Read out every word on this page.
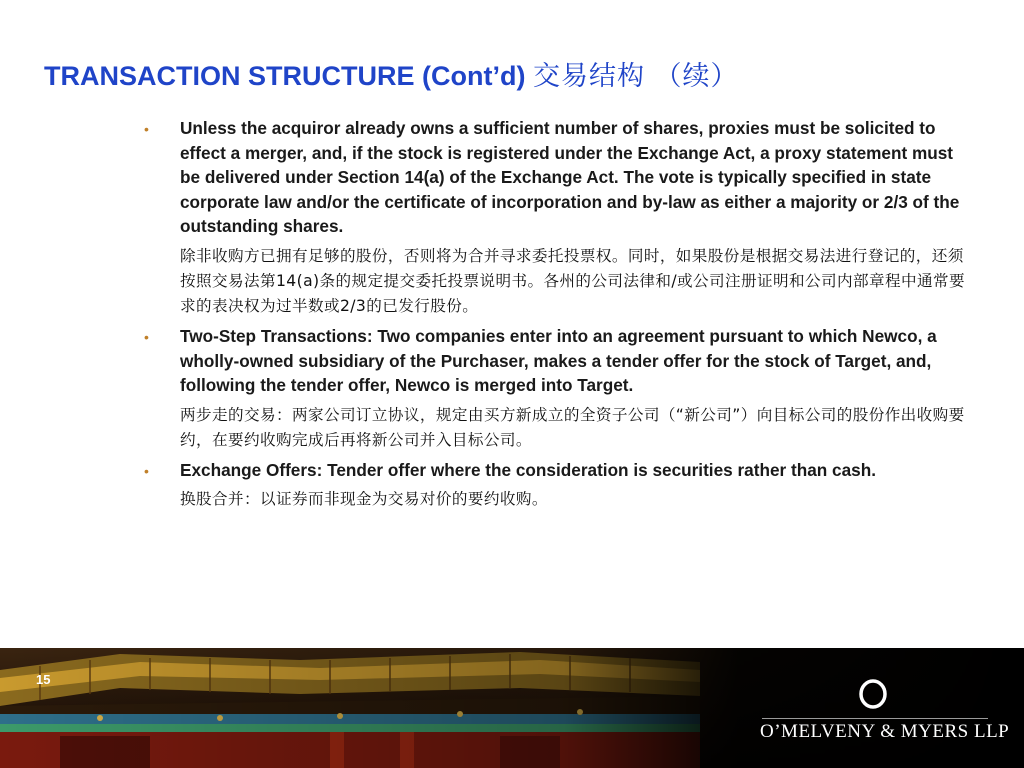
TRANSACTION STRUCTURE (Cont’d) 交易结构 （续）
• Unless the acquiror already owns a sufficient number of shares, proxies must be solicited to effect a merger, and, if the stock is registered under the Exchange Act, a proxy statement must be delivered under Section 14(a) of the Exchange Act. The vote is typically specified in state corporate law and/or the certificate of incorporation and by-law as either a majority or 2/3 of the outstanding shares.

除非收购方已拥有足够的股份，否则将为合并寻求委托投票权。同时，如果股份是根据交易法进行登记的，还须按照交易法第14(a)条的规定提交委托投票说明书。各州的公司法律和/或公司注册证明和公司内部章程中通常要求的表决权为过半数或2/3的已发行股份。

• Two-Step Transactions: Two companies enter into an agreement pursuant to which Newco, a wholly-owned subsidiary of the Purchaser, makes a tender offer for the stock of Target, and, following the tender offer, Newco is merged into Target.

两步走的交易：两家公司订立协议，规定由买方新成立的全资子公司（“新公司”）向目标公司的股份作出收购要约，在要约收购完成后再将新公司并入目标公司。

• Exchange Offers: Tender offer where the consideration is securities rather than cash.

换股合并：以证券而非现金为交易对价的要约收购。

15
O’MELVENY & MYERS LLP
